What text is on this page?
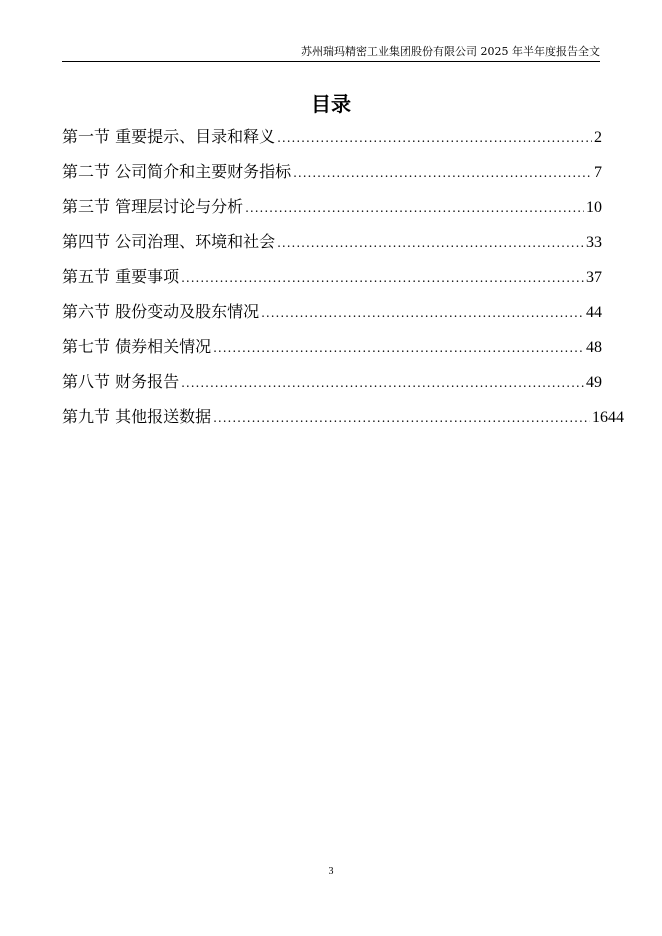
苏州瑞玛精密工业集团股份有限公司 2025 年半年度报告全文
目录
第一节 重要提示、目录和释义 .....	2
第二节 公司简介和主要财务指标 .....	7
第三节 管理层讨论与分析 .....	10
第四节 公司治理、环境和社会 .....	33
第五节 重要事项 .....	37
第六节 股份变动及股东情况 .....	44
第七节 债券相关情况 .....	48
第八节 财务报告 .....	49
第九节 其他报送数据 .....	1644
3
